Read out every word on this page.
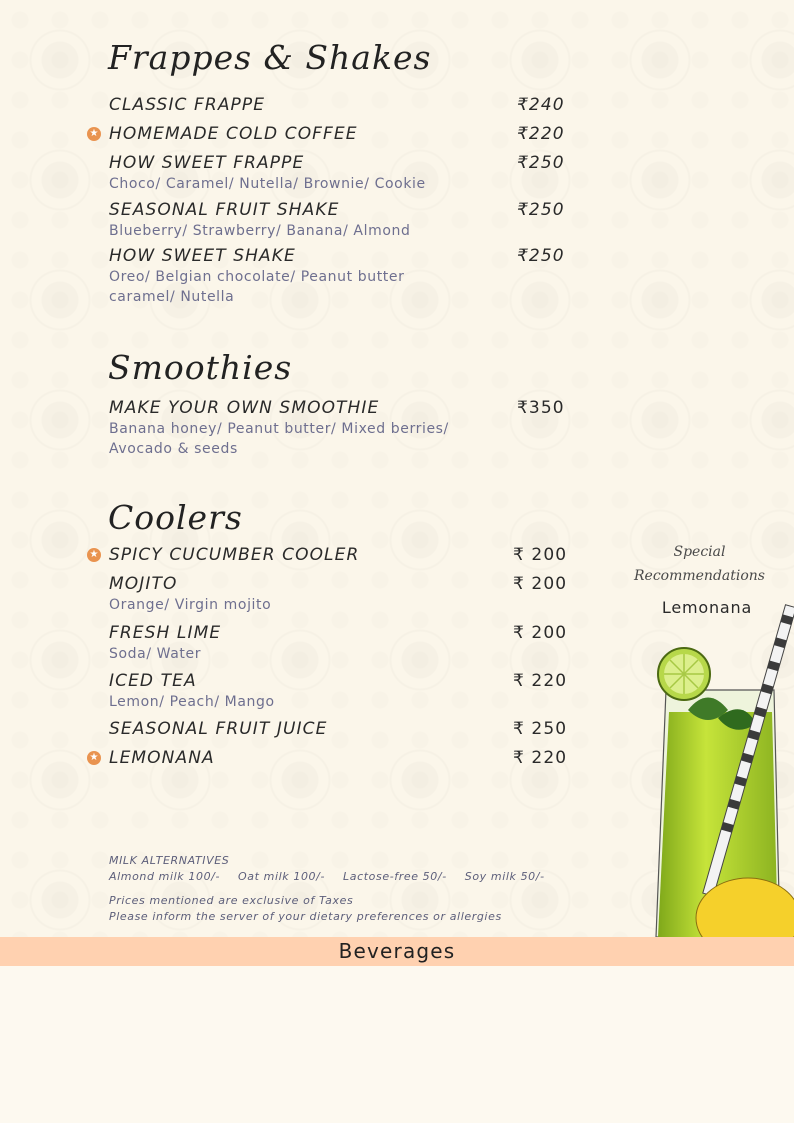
Frappes & Shakes
CLASSIC FRAPPE	₹240
★ HOMEMADE COLD COFFEE	₹220
HOW SWEET FRAPPE	₹250
Choco/ Caramel/ Nutella/ Brownie/ Cookie
SEASONAL FRUIT SHAKE	₹250
Blueberry/ Strawberry/ Banana/ Almond
HOW SWEET SHAKE	₹250
Oreo/ Belgian chocolate/ Peanut butter caramel/ Nutella
Smoothies
MAKE YOUR OWN SMOOTHIE	₹350
Banana honey/ Peanut butter/ Mixed berries/ Avocado & seeds
Coolers
★ SPICY CUCUMBER COOLER	₹ 200
MOJITO	₹ 200
Orange/ Virgin mojito
FRESH LIME	₹ 200
Soda/ Water
ICED TEA	₹ 220
Lemon/ Peach/ Mango
SEASONAL FRUIT JUICE	₹ 250
★ LEMONANA	₹ 220
Special
Recommendations
Lemonana
MILK ALTERNATIVES
Almond milk 100/- Oat milk 100/- Lactose-free 50/- Soy milk 50/-
Prices mentioned are exclusive of Taxes
Please inform the server of your dietary preferences or allergies
Beverages
